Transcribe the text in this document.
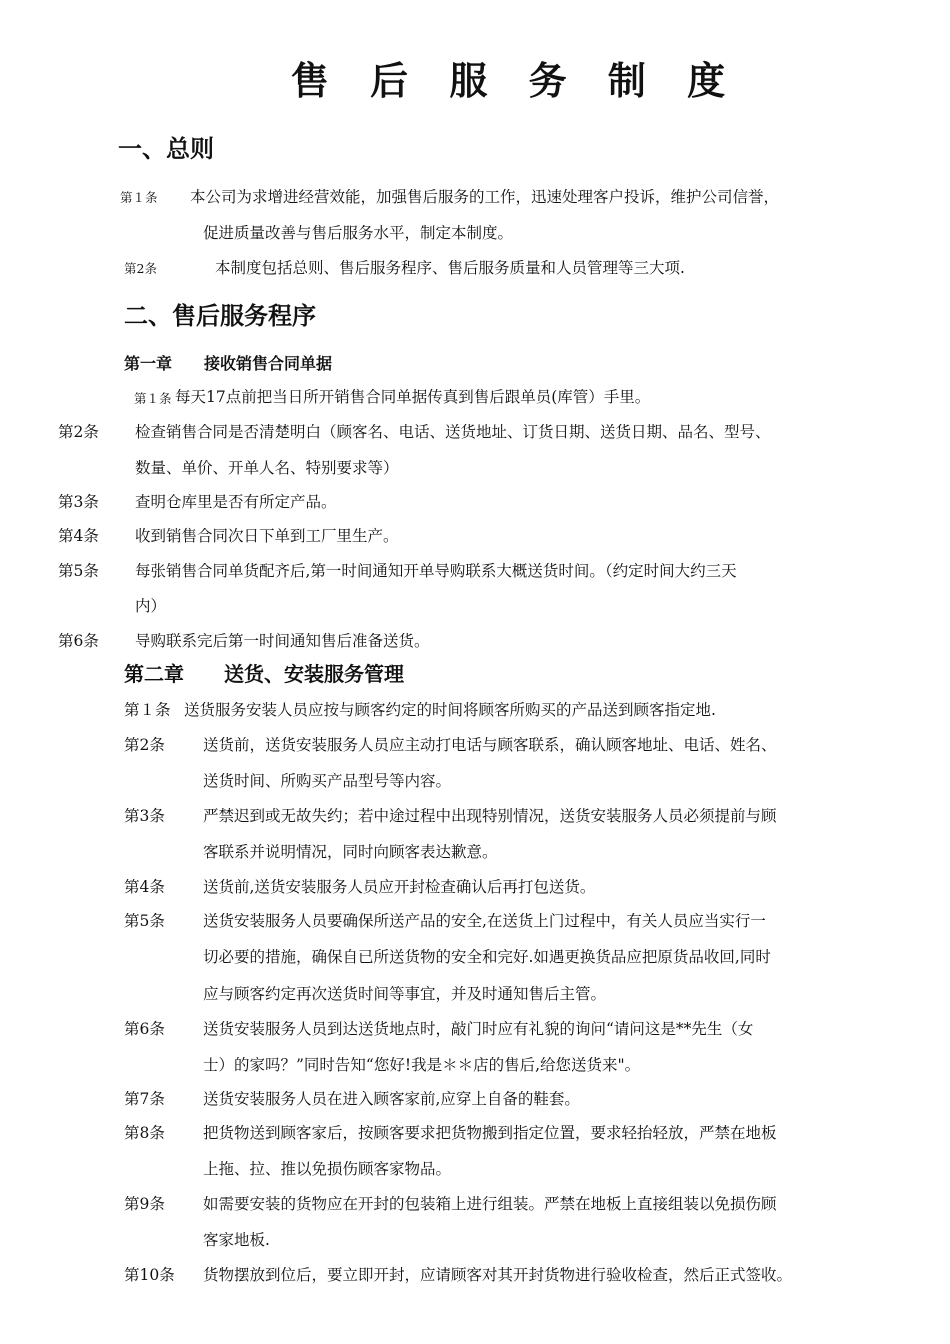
售 后 服 务 制 度
一、总则
第１条 本公司为求增进经营效能，加强售后服务的工作，迅速处理客户投诉，维护公司信誉，
促进质量改善与售后服务水平，制定本制度。
第2条	本制度包括总则、售后服务程序、售后服务质量和人员管理等三大项.
二、售后服务程序
第一章　　接收销售合同单据
第１条 每天17点前把当日所开销售合同单据传真到售后跟单员(库管）手里。
第2条 检查销售合同是否清楚明白（顾客名、电话、送货地址、订货日期、送货日期、品名、型号、
数量、单价、开单人名、特别要求等）
第3条 查明仓库里是否有所定产品。
第4条 收到销售合同次日下单到工厂里生产。
第5条 每张销售合同单货配齐后,第一时间通知开单导购联系大概送货时间。（约定时间大约三天
内）
第6条 导购联系完后第一时间通知售后准备送货。
第二章　　送货、安装服务管理
第１条 送货服务安装人员应按与顾客约定的时间将顾客所购买的产品送到顾客指定地.
第2条 送货前，送货安装服务人员应主动打电话与顾客联系，确认顾客地址、电话、姓名、
送货时间、所购买产品型号等内容。
第3条 严禁迟到或无故失约；若中途过程中出现特别情况，送货安装服务人员必须提前与顾
客联系并说明情况，同时向顾客表达歉意。
第4条 送货前,送货安装服务人员应开封检查确认后再打包送货。
第5条 送货安装服务人员要确保所送产品的安全,在送货上门过程中，有关人员应当实行一
切必要的措施，确保自已所送货物的安全和完好.如遇更换货品应把原货品收回,同时
应与顾客约定再次送货时间等事宜，并及时通知售后主管。
第6条 送货安装服务人员到达送货地点时，敲门时应有礼貌的询问“请问这是**先生（女
士）的家吗？”同时告知“您好!我是＊＊店的售后,给您送货来"。
第7条 送货安装服务人员在进入顾客家前,应穿上自备的鞋套。
第8条 把货物送到顾客家后，按顾客要求把货物搬到指定位置，要求轻抬轻放，严禁在地板
上拖、拉、推以免损伤顾客家物品。
第9条 如需要安装的货物应在开封的包装箱上进行组装。严禁在地板上直接组装以免损伤顾
客家地板.
第10条 货物摆放到位后，要立即开封，应请顾客对其开封货物进行验收检查，然后正式签收。
